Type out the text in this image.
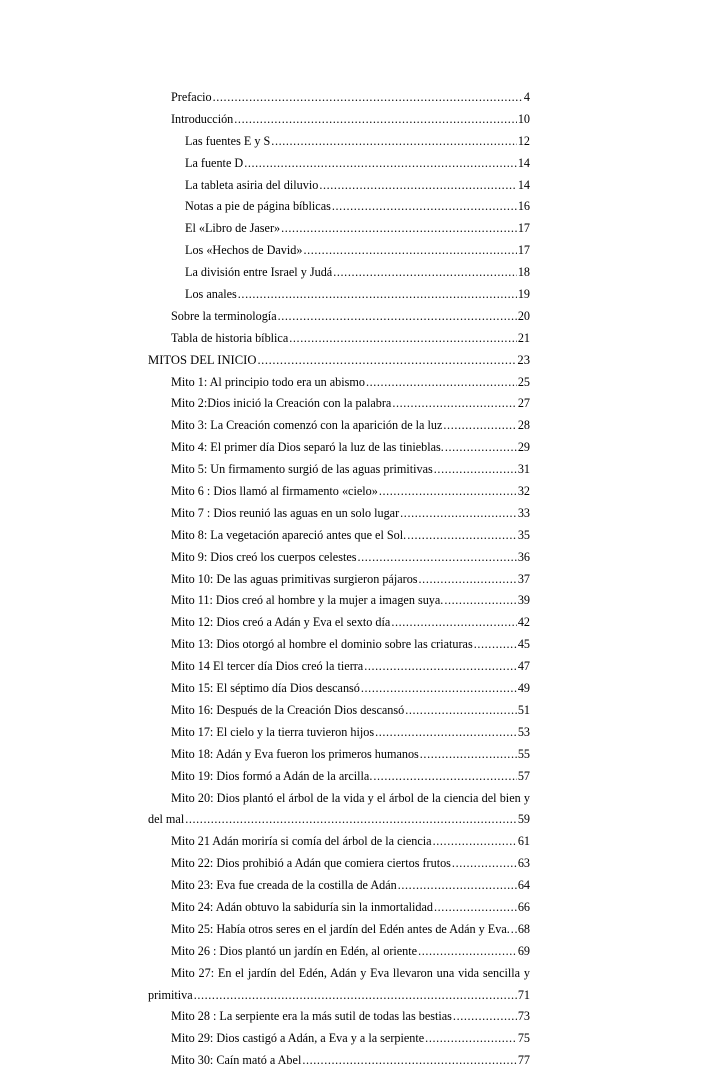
Prefacio .....	4
Introducción .....	10
Las fuentes E y S .....	12
La fuente D .....	14
La tableta asiria del diluvio .....	14
Notas a pie de página bíblicas .....	16
El «Libro de Jaser» .....	17
Los «Hechos de David» .....	17
La división entre Israel y Judá .....	18
Los anales .....	19
Sobre la terminología .....	20
Tabla de historia bíblica .....	21
MITOS DEL INICIO .....	23
Mito 1: Al principio todo era un abismo .....	25
Mito 2:Dios inició la Creación con la palabra .....	27
Mito 3: La Creación comenzó con la aparición de la luz .....	28
Mito 4: El primer día Dios separó la luz de las tinieblas. .....	29
Mito 5: Un firmamento surgió de las aguas primitivas .....	31
Mito 6 : Dios llamó al firmamento «cielo» .....	32
Mito 7 : Dios reunió las aguas en un solo lugar .....	33
Mito 8: La vegetación apareció antes que el Sol. .....	35
Mito 9: Dios creó los cuerpos celestes .....	36
Mito 10: De las aguas primitivas surgieron pájaros .....	37
Mito 11: Dios creó al hombre y la mujer a imagen suya. .....	39
Mito 12: Dios creó a Adán y Eva el sexto día .....	42
Mito 13: Dios otorgó al hombre el dominio sobre las criaturas .....	45
Mito 14 El tercer día Dios creó la tierra .....	47
Mito 15: El séptimo día Dios descansó .....	49
Mito 16: Después de la Creación Dios descansó .....	51
Mito 17: El cielo y la tierra tuvieron hijos .....	53
Mito 18: Adán y Eva fueron los primeros humanos .....	55
Mito 19: Dios formó a Adán de la arcilla. .....	57
Mito 20: Dios plantó el árbol de la vida y el árbol de la ciencia del bien y
del mal .....	59
Mito 21 Adán moriría si comía del árbol de la ciencia .....	61
Mito 22: Dios prohibió a Adán que comiera ciertos frutos .....	63
Mito 23: Eva fue creada de la costilla de Adán .....	64
Mito 24: Adán obtuvo la sabiduría sin la inmortalidad .....	66
Mito 25: Había otros seres en el jardín del Edén antes de Adán y Eva. ..... 68
Mito 26 : Dios plantó un jardín en Edén, al oriente .....	69
Mito 27: En el jardín del Edén, Adán y Eva llevaron una vida sencilla y
primitiva .....	71
Mito 28 : La serpiente era la más sutil de todas las bestias .....	73
Mito 29: Dios castigó a Adán, a Eva y a la serpiente .....	75
Mito 30: Caín mató a Abel .....	77
